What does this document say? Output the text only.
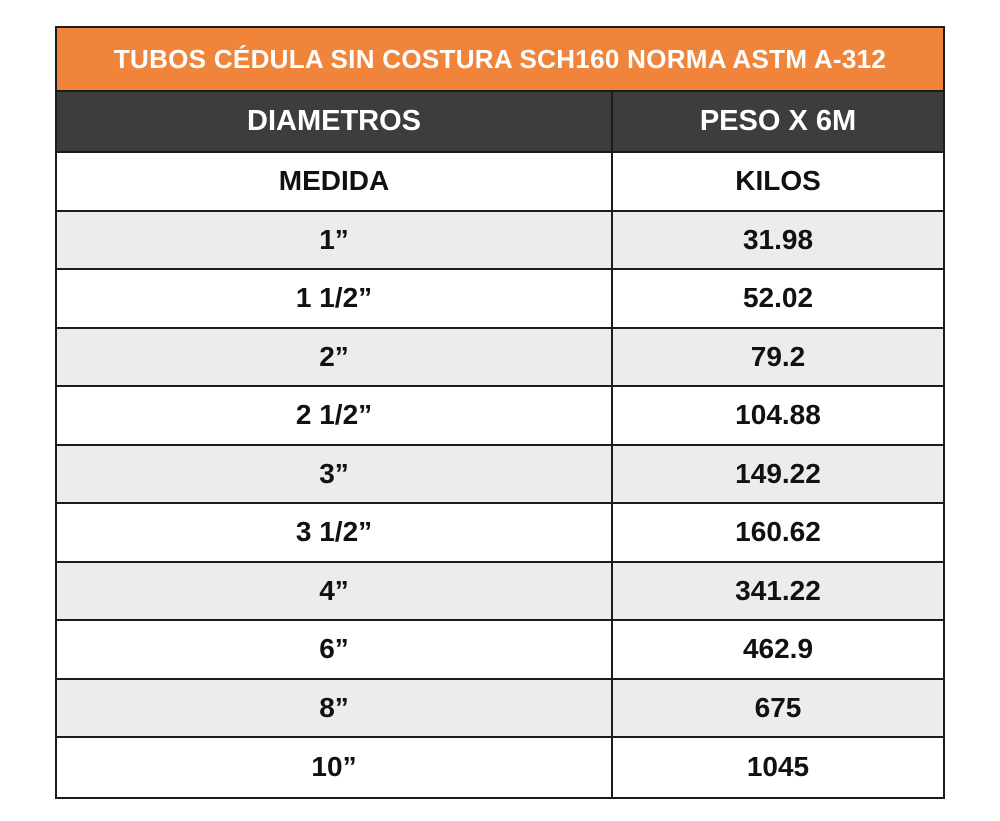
TUBOS CÉDULA SIN COSTURA SCH160 NORMA ASTM A-312
DIAMETROS	PESO X 6M
MEDIDA	KILOS
1”	31.98
1 1/2”	52.02
2”	79.2
2 1/2”	104.88
3”	149.22
3 1/2”	160.62
4”	341.22
6”	462.9
8”	675
10”	1045
